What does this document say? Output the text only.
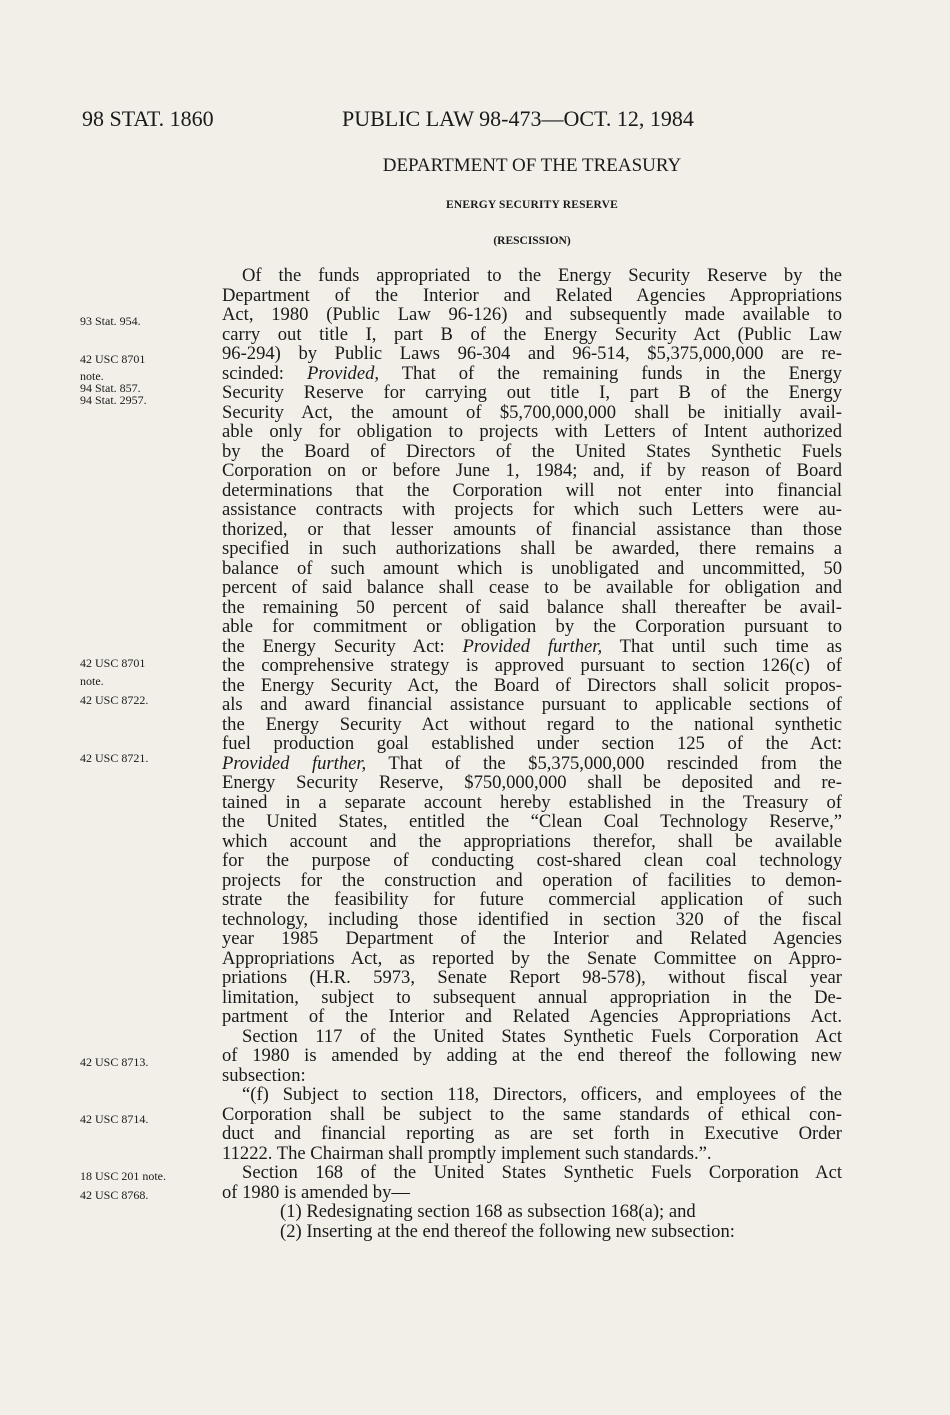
98 STAT. 1860	PUBLIC LAW 98-473—OCT. 12, 1984
DEPARTMENT OF THE TREASURY
ENERGY SECURITY RESERVE
(RESCISSION)
93 Stat. 954.
42 USC 8701
note.
94 Stat. 857.
94 Stat. 2957.
42 USC 8701
note.
42 USC 8722.
42 USC 8721.
42 USC 8713.
42 USC 8714.
18 USC 201 note.
42 USC 8768.
Of the funds appropriated to the Energy Security Reserve by the
Department of the Interior and Related Agencies Appropriations
Act, 1980 (Public Law 96-126) and subsequently made available to
carry out title I, part B of the Energy Security Act (Public Law
96-294) by Public Laws 96-304 and 96-514, $5,375,000,000 are re-
scinded: Provided, That of the remaining funds in the Energy
Security Reserve for carrying out title I, part B of the Energy
Security Act, the amount of $5,700,000,000 shall be initially avail-
able only for obligation to projects with Letters of Intent authorized
by the Board of Directors of the United States Synthetic Fuels
Corporation on or before June 1, 1984; and, if by reason of Board
determinations that the Corporation will not enter into financial
assistance contracts with projects for which such Letters were au-
thorized, or that lesser amounts of financial assistance than those
specified in such authorizations shall be awarded, there remains a
balance of such amount which is unobligated and uncommitted, 50
percent of said balance shall cease to be available for obligation and
the remaining 50 percent of said balance shall thereafter be avail-
able for commitment or obligation by the Corporation pursuant to
the Energy Security Act: Provided further, That until such time as
the comprehensive strategy is approved pursuant to section 126(c) of
the Energy Security Act, the Board of Directors shall solicit propos-
als and award financial assistance pursuant to applicable sections of
the Energy Security Act without regard to the national synthetic
fuel production goal established under section 125 of the Act:
Provided further, That of the $5,375,000,000 rescinded from the
Energy Security Reserve, $750,000,000 shall be deposited and re-
tained in a separate account hereby established in the Treasury of
the United States, entitled the “Clean Coal Technology Reserve,”
which account and the appropriations therefor, shall be available
for the purpose of conducting cost-shared clean coal technology
projects for the construction and operation of facilities to demon-
strate the feasibility for future commercial application of such
technology, including those identified in section 320 of the fiscal
year 1985 Department of the Interior and Related Agencies
Appropriations Act, as reported by the Senate Committee on Appro-
priations (H.R. 5973, Senate Report 98-578), without fiscal year
limitation, subject to subsequent annual appropriation in the De-
partment of the Interior and Related Agencies Appropriations Act.
Section 117 of the United States Synthetic Fuels Corporation Act
of 1980 is amended by adding at the end thereof the following new
subsection:
“(f) Subject to section 118, Directors, officers, and employees of the
Corporation shall be subject to the same standards of ethical con-
duct and financial reporting as are set forth in Executive Order
11222. The Chairman shall promptly implement such standards.”.
Section 168 of the United States Synthetic Fuels Corporation Act
of 1980 is amended by—
(1) Redesignating section 168 as subsection 168(a); and
(2) Inserting at the end thereof the following new subsection:
